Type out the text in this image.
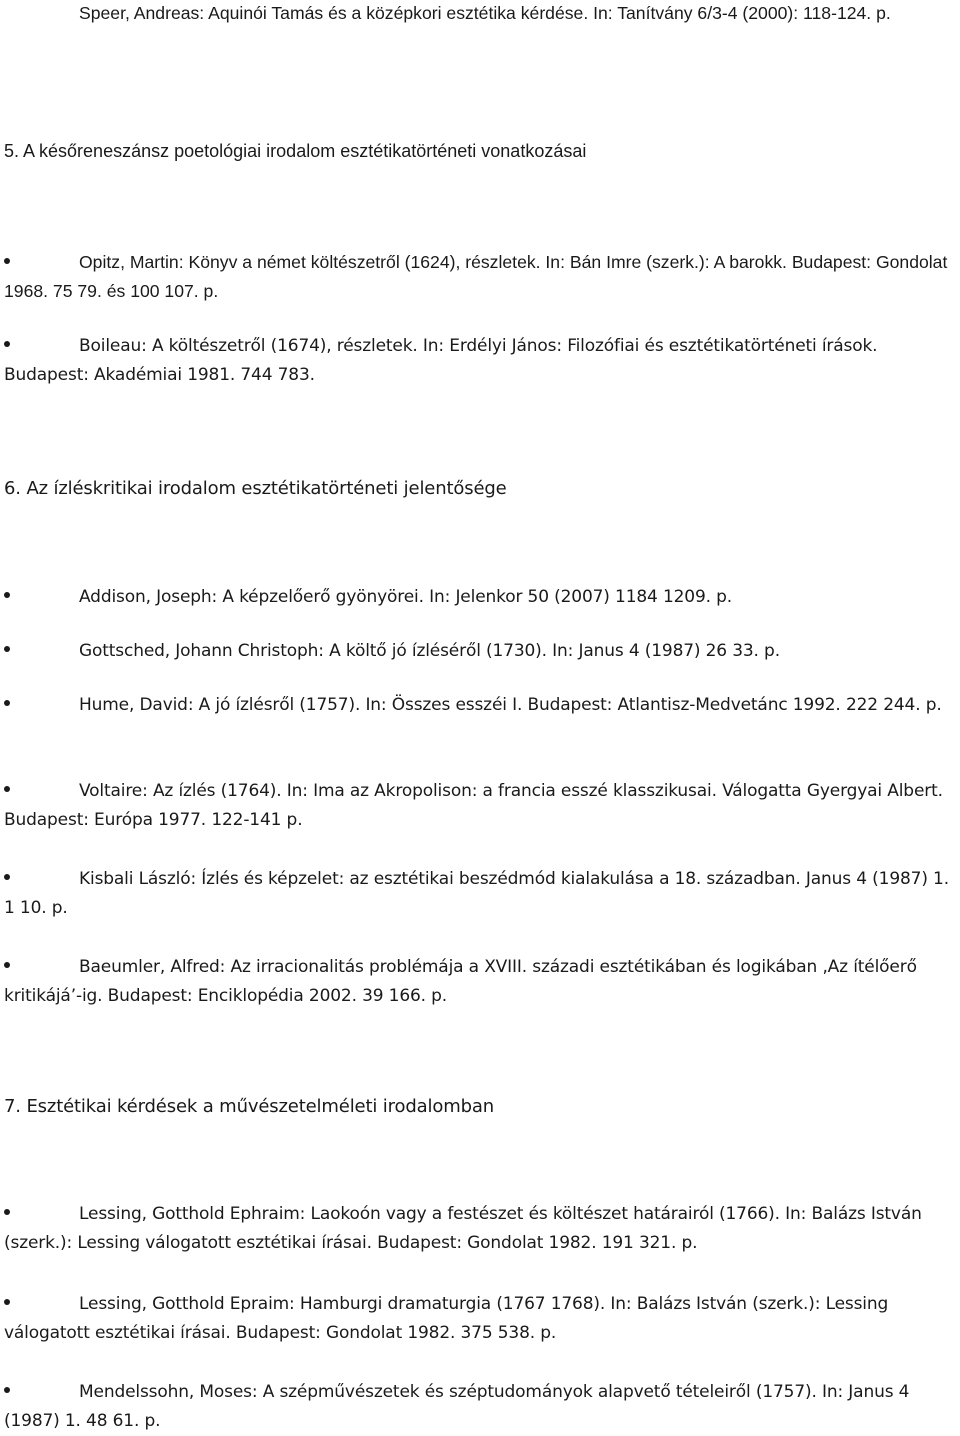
Speer, Andreas: Aquinói Tamás és a középkori esztétika kérdése. In: Tanítvány 6/3-4 (2000): 118-124. p.
5. A későreneszánsz poetológiai irodalom esztétikatörténeti vonatkozásai
Opitz, Martin: Könyv a német költészetről (1624), részletek. In: Bán Imre (szerk.): A barokk. Budapest: Gondolat 1968. 75 79. és 100 107. p.
Boileau: A költészetről (1674), részletek. In: Erdélyi János: Filozófiai és esztétikatörténeti írások. Budapest: Akadémiai 1981. 744 783.
6. Az ízléskritikai irodalom esztétikatörténeti jelentősége
Addison, Joseph: A képzelőerő gyönyörei. In: Jelenkor 50 (2007) 1184 1209. p.
Gottsched, Johann Christoph: A költő jó ízléséről (1730). In: Janus 4 (1987) 26 33. p.
Hume, David: A jó ízlésről (1757). In: Összes esszéi I. Budapest: Atlantisz-Medvetánc 1992. 222 244. p.
Voltaire: Az ízlés (1764). In: Ima az Akropolison: a francia esszé klasszikusai. Válogatta Gyergyai Albert. Budapest: Európa 1977. 122-141 p.
Kisbali László: Ízlés és képzelet: az esztétikai beszédmód kialakulása a 18. században. Janus 4 (1987) 1. 1 10. p.
Baeumler, Alfred: Az irracionalitás problémája a XVIII. századi esztétikában és logikában ‚Az ítélőerő kritikájá’-ig. Budapest: Enciklopédia 2002. 39 166. p.
7. Esztétikai kérdések a művészetelméleti irodalomban
Lessing, Gotthold Ephraim: Laokoón vagy a festészet és költészet határairól (1766). In: Balázs István (szerk.): Lessing válogatott esztétikai írásai. Budapest: Gondolat 1982. 191 321. p.
Lessing, Gotthold Epraim: Hamburgi dramaturgia (1767 1768). In: Balázs István (szerk.): Lessing válogatott esztétikai írásai. Budapest: Gondolat 1982. 375 538. p.
Mendelssohn, Moses: A szépművészetek és széptudományok alapvető tételeiről (1757). In: Janus 4 (1987) 1. 48 61. p.
